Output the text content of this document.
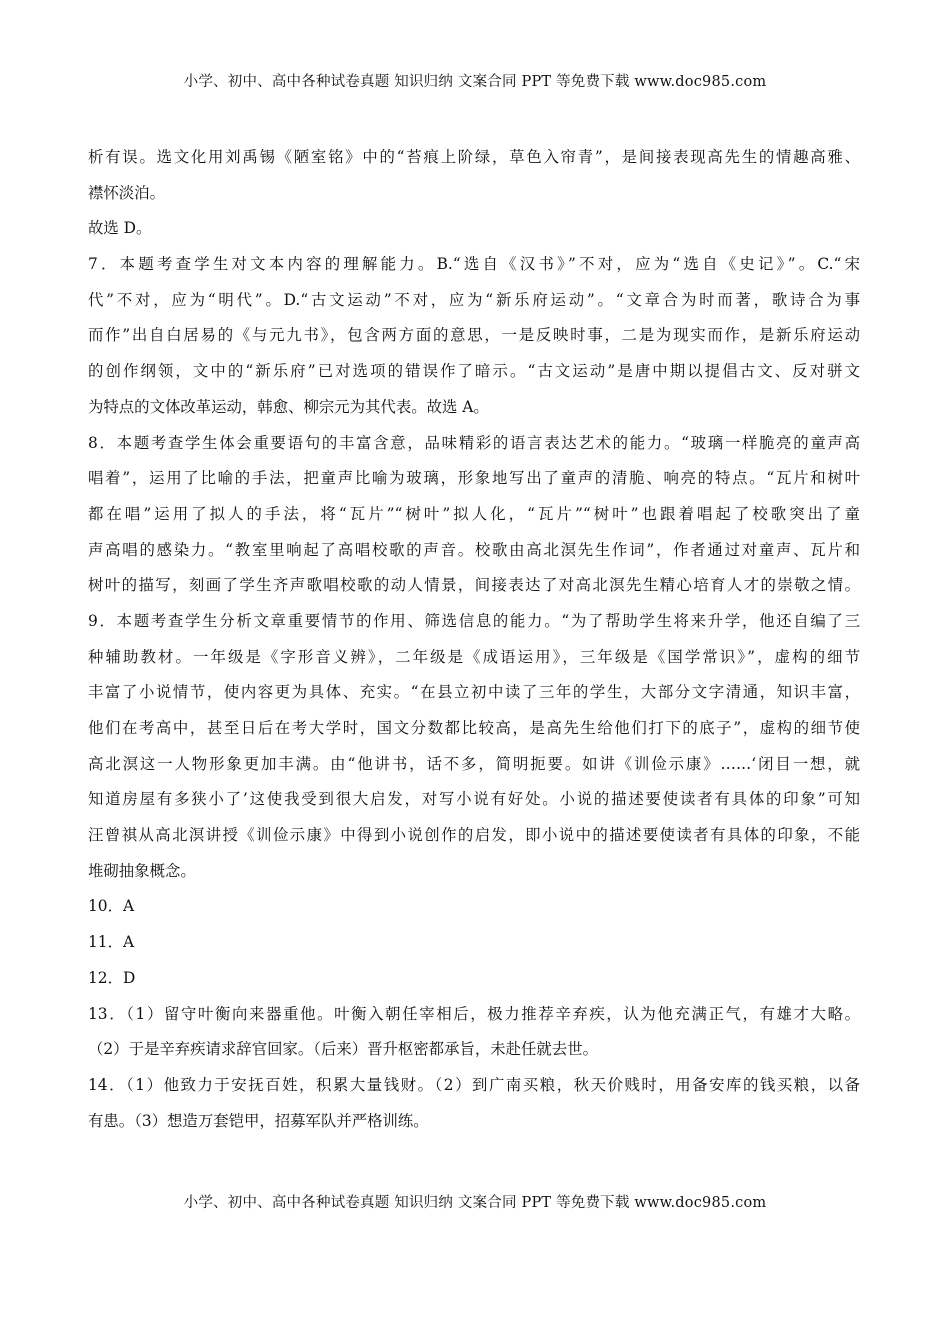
小学、初中、高中各种试卷真题 知识归纳 文案合同 PPT 等免费下载 www.doc985.com
析有误。选文化用刘禹锡《陋室铭》中的“苔痕上阶绿，草色入帘青”，是间接表现高先生的情趣高雅、
襟怀淡泊。
故选 D。
7．本题考查学生对文本内容的理解能力。B.“选自《汉书》”不对，应为“选自《史记》”。C.“宋
代”不对，应为“明代”。D.“古文运动”不对，应为“新乐府运动”。“文章合为时而著，歌诗合为事
而作”出自白居易的《与元九书》，包含两方面的意思，一是反映时事，二是为现实而作，是新乐府运动
的创作纲领，文中的“新乐府”已对选项的错误作了暗示。“古文运动”是唐中期以提倡古文、反对骈文
为特点的文体改革运动，韩愈、柳宗元为其代表。故选 A。
8．本题考查学生体会重要语句的丰富含意，品味精彩的语言表达艺术的能力。“玻璃一样脆亮的童声高
唱着”，运用了比喻的手法，把童声比喻为玻璃，形象地写出了童声的清脆、响亮的特点。“瓦片和树叶
都在唱”运用了拟人的手法，将“瓦片”“树叶”拟人化，“瓦片”“树叶”也跟着唱起了校歌突出了童
声高唱的感染力。“教室里响起了高唱校歌的声音。校歌由高北溟先生作词”，作者通过对童声、瓦片和
树叶的描写，刻画了学生齐声歌唱校歌的动人情景，间接表达了对高北溟先生精心培育人才的崇敬之情。
9．本题考查学生分析文章重要情节的作用、筛选信息的能力。“为了帮助学生将来升学，他还自编了三
种辅助教材。一年级是《字形音义辨》，二年级是《成语运用》，三年级是《国学常识》”，虚构的细节
丰富了小说情节，使内容更为具体、充实。“在县立初中读了三年的学生，大部分文字清通，知识丰富，
他们在考高中，甚至日后在考大学时，国文分数都比较高，是高先生给他们打下的底子”，虚构的细节使
高北溟这一人物形象更加丰满。由“他讲书，话不多，简明扼要。如讲《训俭示康》……‘闭目一想，就
知道房屋有多狭小了’这使我受到很大启发，对写小说有好处。小说的描述要使读者有具体的印象”可知
汪曾祺从高北溟讲授《训俭示康》中得到小说创作的启发，即小说中的描述要使读者有具体的印象，不能
堆砌抽象概念。
10．A
11．A
12．D
13．（1）留守叶衡向来器重他。叶衡入朝任宰相后，极力推荐辛弃疾，认为他充满正气，有雄才大略。
（2）于是辛弃疾请求辞官回家。（后来）晋升枢密都承旨，未赴任就去世。
14．（1）他致力于安抚百姓，积累大量钱财。（2）到广南买粮，秋天价贱时，用备安库的钱买粮，以备
有患。（3）想造万套铠甲，招募军队并严格训练。
小学、初中、高中各种试卷真题 知识归纳 文案合同 PPT 等免费下载 www.doc985.com
